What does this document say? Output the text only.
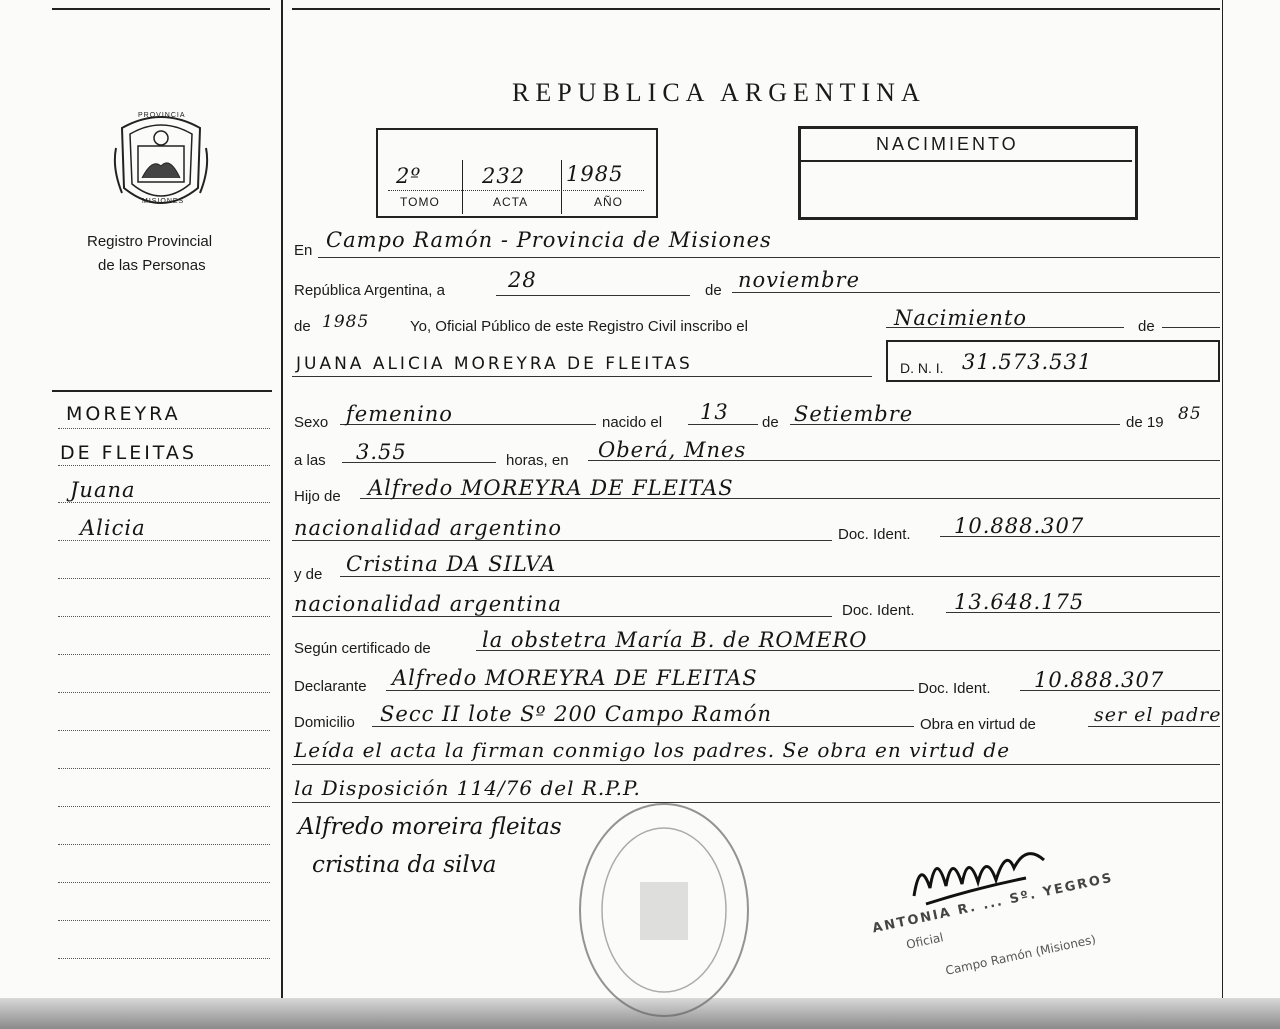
PROVINCIA
MISIONES
Registro Provincial
de las Personas
REPUBLICA ARGENTINA
2º	232 1985
TOMO	ACTA	AÑO
NACIMIENTO
MOREYRA
DE FLEITAS
Juana
Alicia
En Campo Ramón - Provincia de Misiones
República Argentina, a	28	de noviembre
de 1985	Yo, Oficial Público de este Registro Civil inscribo el	Nacimiento	de
JUANA ALICIA MOREYRA DE FLEITAS	D. N. I. 31.573.531
Sexo femenino	nacido el 13 de Setiembre	de 19 85
a las 3.55	horas, en Oberá, Mnes
Hijo de Alfredo MOREYRA DE FLEITAS
nacionalidad argentino	Doc. Ident. 10.888.307
y de Cristina DA SILVA
nacionalidad argentina	Doc. Ident. 13.648.175
Según certificado de la obstetra María B. de ROMERO
Declarante Alfredo MOREYRA DE FLEITAS	Doc. Ident. 10.888.307
Domicilio Secc II lote Sº 200 Campo Ramón	Obra en virtud de	ser el padre
Leída el acta la firman conmigo los padres. Se obra en virtud de
la Disposición 114/76 del R.P.P.
Alfredo moreira fleitas
cristina da silva
ANTONIA R. ... Sº. YEGROS
Oficial Campo Ramón (Misiones)
